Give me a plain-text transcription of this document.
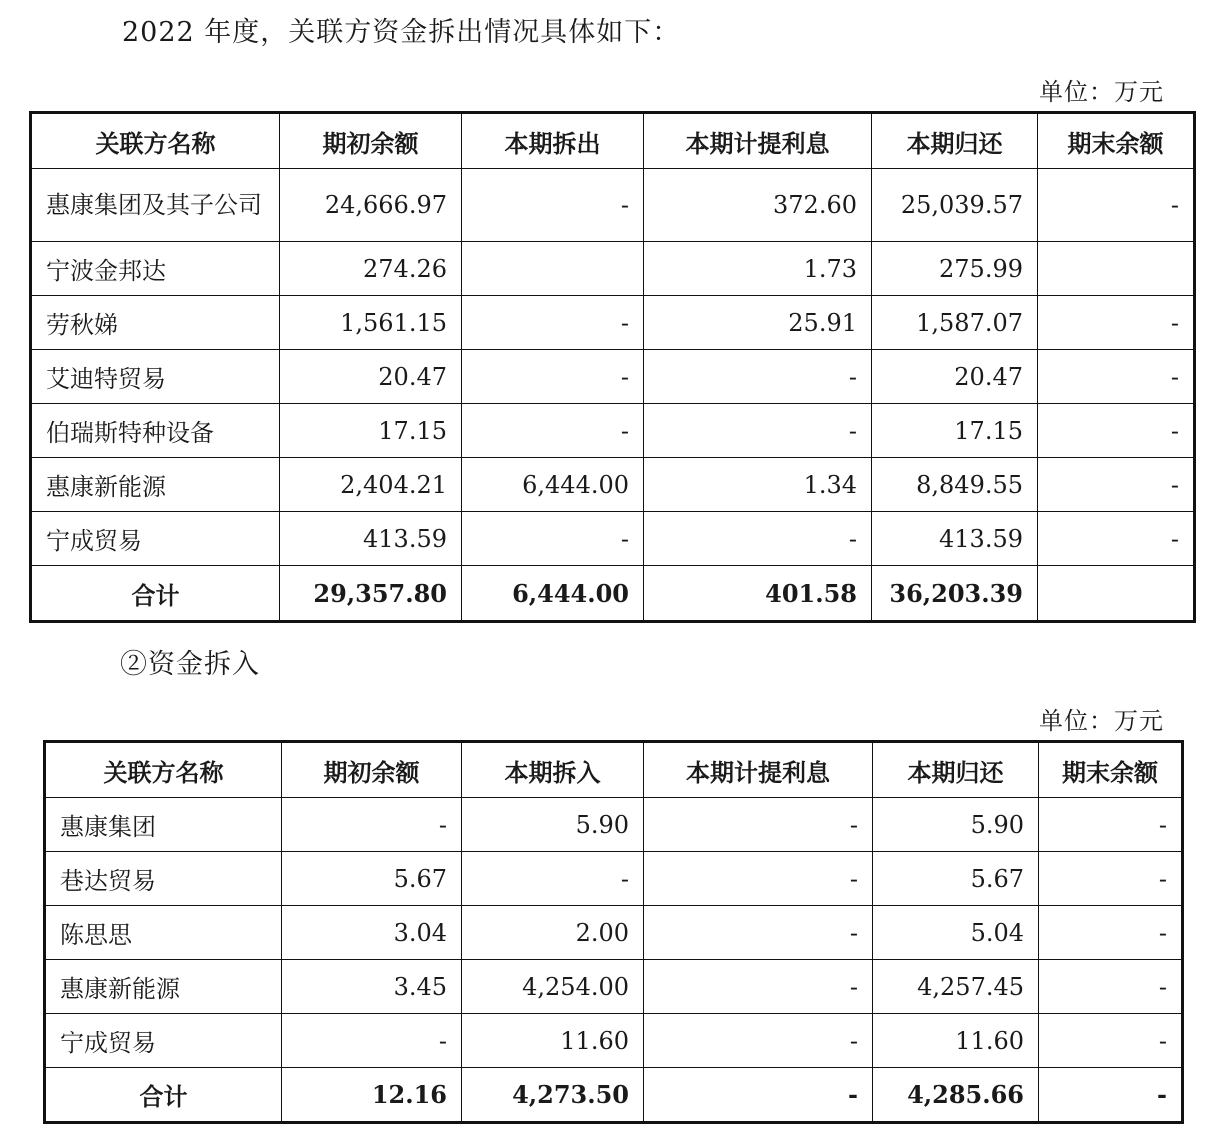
2022 年度，关联方资金拆出情况具体如下：
单位：万元
关联方名称	期初余额	本期拆出	本期计提利息	本期归还	期末余额
惠康集团及其子公司	24,666.97	-	372.60	25,039.57	-
宁波金邦达	274.26		1.73	275.99	
劳秋娣	1,561.15	-	25.91	1,587.07	-
艾迪特贸易	20.47	-	-	20.47	-
伯瑞斯特种设备	17.15	-	-	17.15	-
惠康新能源	2,404.21	6,444.00	1.34	8,849.55	-
宁成贸易	413.59	-	-	413.59	-
合计	29,357.80	6,444.00	401.58	36,203.39	
②资金拆入
单位：万元
关联方名称	期初余额	本期拆入	本期计提利息	本期归还	期末余额
惠康集团	-	5.90	-	5.90	-
巷达贸易	5.67	-	-	5.67	-
陈思思	3.04	2.00	-	5.04	-
惠康新能源	3.45	4,254.00	-	4,257.45	-
宁成贸易	-	11.60	-	11.60	-
合计	12.16	4,273.50	-	4,285.66	-
